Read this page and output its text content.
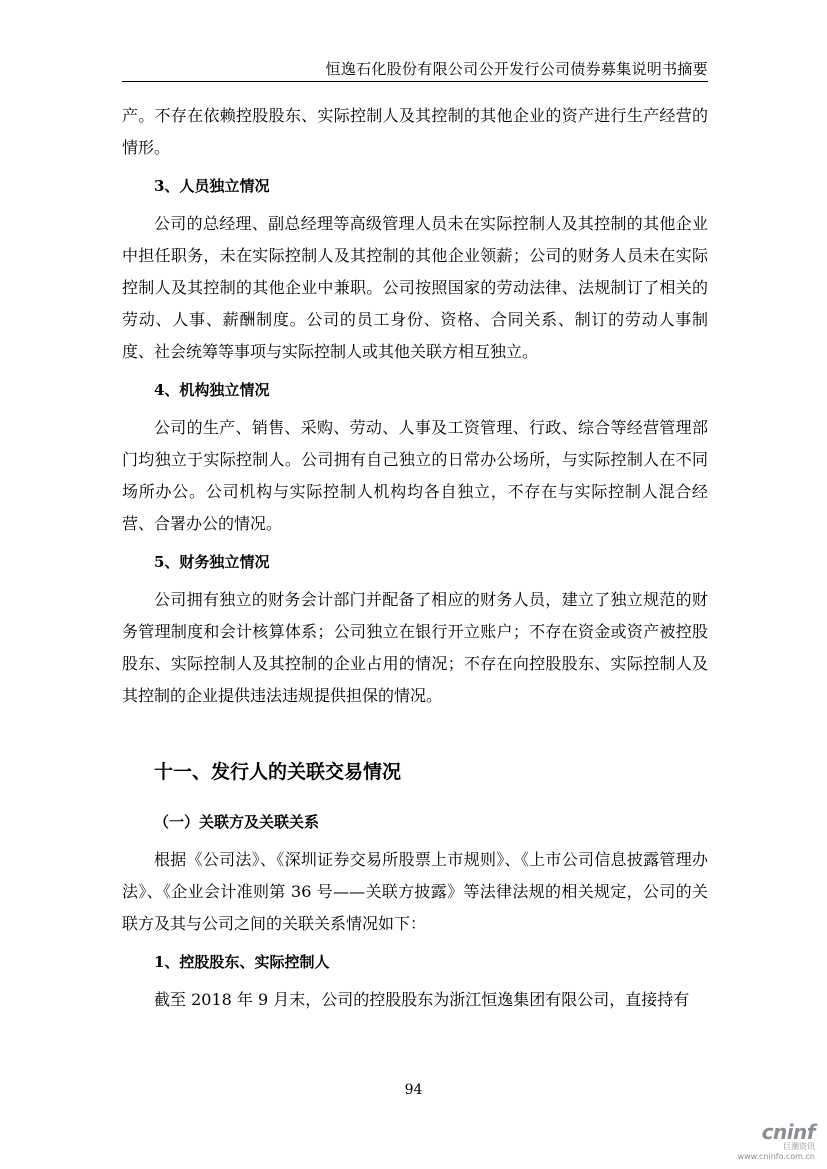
恒逸石化股份有限公司公开发行公司债券募集说明书摘要

产。不存在依赖控股股东、实际控制人及其控制的其他企业的资产进行生产经营的情形。

3、人员独立情况

公司的总经理、副总经理等高级管理人员未在实际控制人及其控制的其他企业中担任职务，未在实际控制人及其控制的其他企业领薪；公司的财务人员未在实际控制人及其控制的其他企业中兼职。公司按照国家的劳动法律、法规制订了相关的劳动、人事、薪酬制度。公司的员工身份、资格、合同关系、制订的劳动人事制度、社会统筹等事项与实际控制人或其他关联方相互独立。

4、机构独立情况

公司的生产、销售、采购、劳动、人事及工资管理、行政、综合等经营管理部门均独立于实际控制人。公司拥有自己独立的日常办公场所，与实际控制人在不同场所办公。公司机构与实际控制人机构均各自独立，不存在与实际控制人混合经营、合署办公的情况。

5、财务独立情况

公司拥有独立的财务会计部门并配备了相应的财务人员，建立了独立规范的财务管理制度和会计核算体系；公司独立在银行开立账户；不存在资金或资产被控股股东、实际控制人及其控制的企业占用的情况；不存在向控股股东、实际控制人及其控制的企业提供违法违规提供担保的情况。

十一、发行人的关联交易情况
（一）关联方及关联关系

根据《公司法》、《深圳证券交易所股票上市规则》、《上市公司信息披露管理办法》、《企业会计准则第 36 号——关联方披露》等法律法规的相关规定，公司的关联方及其与公司之间的关联关系情况如下：

1、控股股东、实际控制人

截至 2018 年 9 月末，公司的控股股东为浙江恒逸集团有限公司，直接持有

94
cninf
巨潮资讯
www.cninfo.com.cn
